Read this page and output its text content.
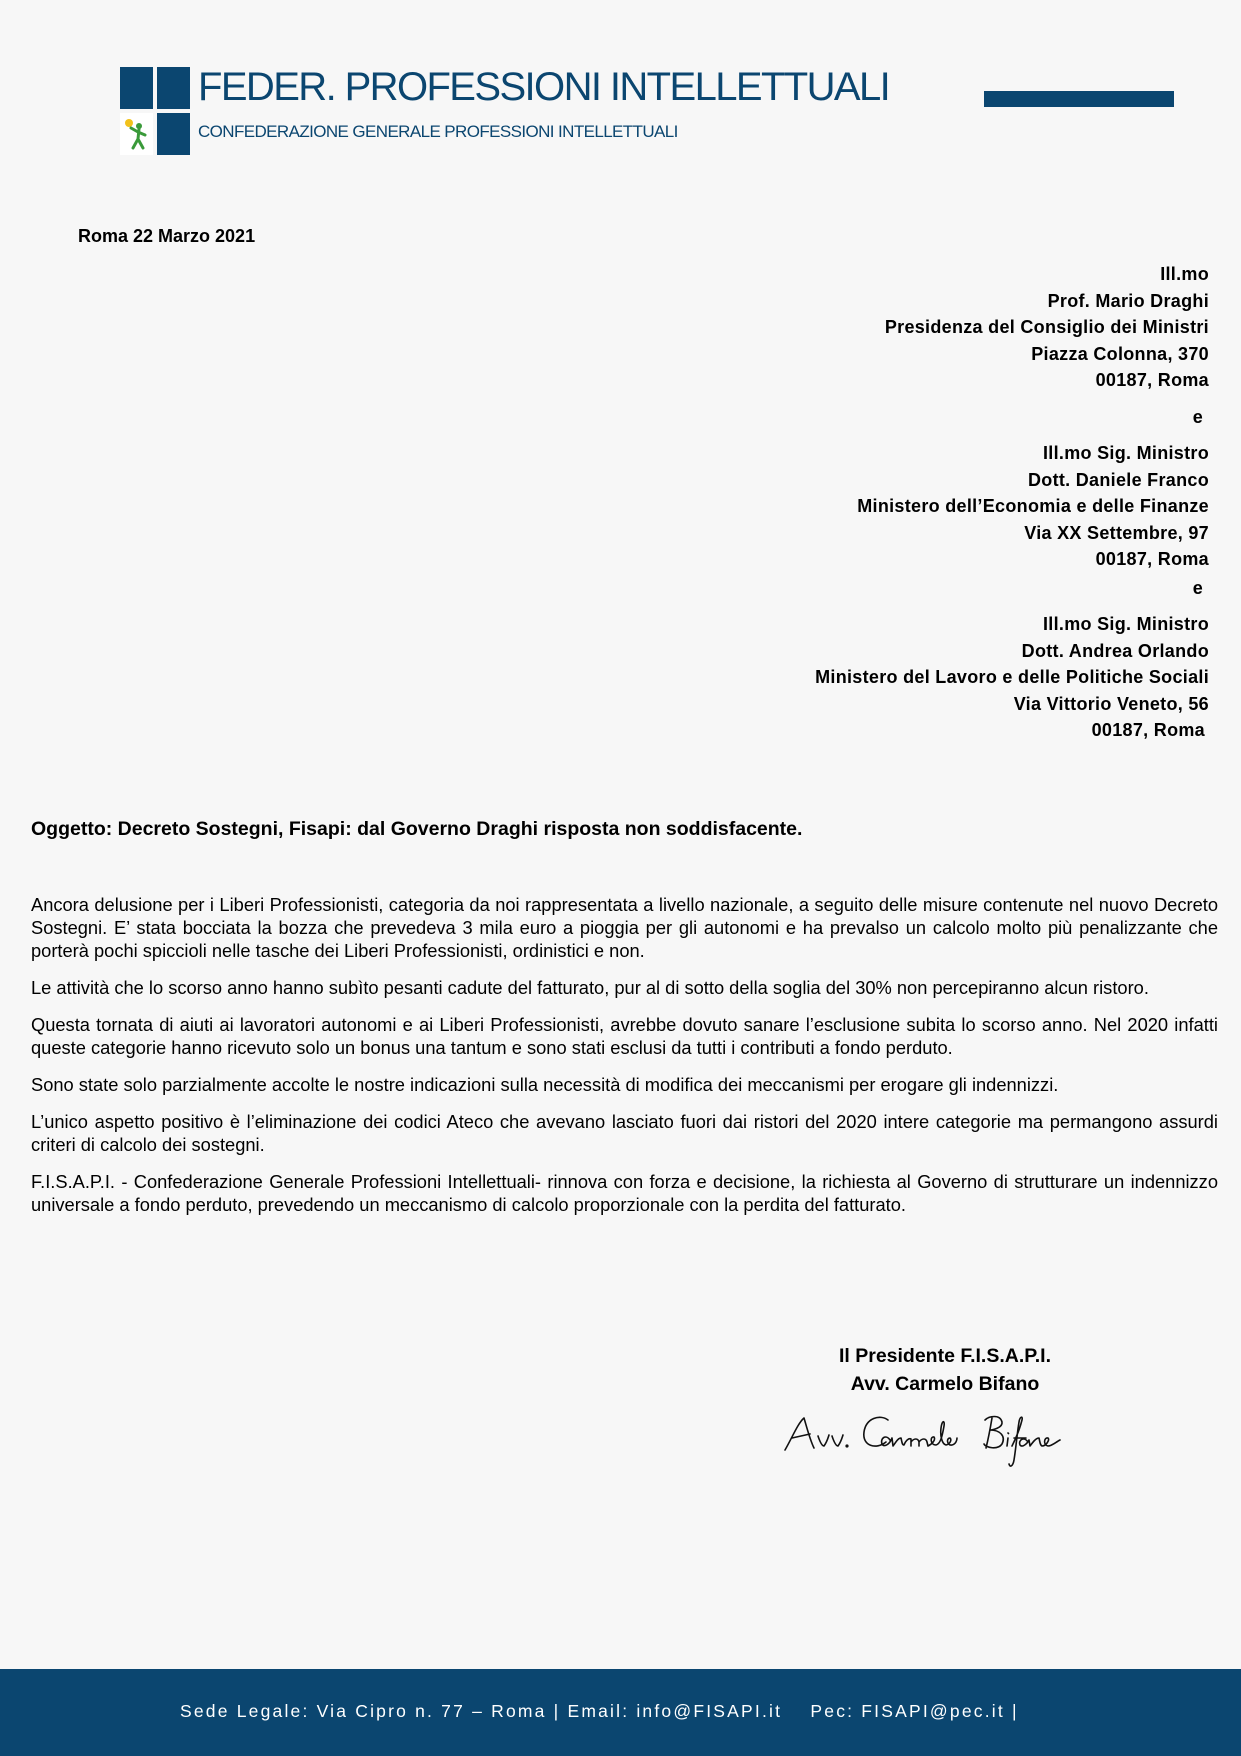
FEDER. PROFESSIONI INTELLETTUALI
CONFEDERAZIONE GENERALE PROFESSIONI INTELLETTUALI
Roma 22 Marzo 2021
Ill.mo
Prof. Mario Draghi
Presidenza del Consiglio dei Ministri
Piazza Colonna, 370
00187, Roma
e
Ill.mo Sig. Ministro
Dott. Daniele Franco
Ministero dell’Economia e delle Finanze
Via XX Settembre, 97
00187, Roma
e
Ill.mo Sig. Ministro
Dott. Andrea Orlando
Ministero del Lavoro e delle Politiche Sociali
Via Vittorio Veneto, 56
00187, Roma
Oggetto: Decreto Sostegni, Fisapi: dal Governo Draghi risposta non soddisfacente.

Ancora delusione per i Liberi Professionisti, categoria da noi rappresentata a livello nazionale, a seguito delle misure contenute nel nuovo Decreto Sostegni. E’ stata bocciata la bozza che prevedeva 3 mila euro a pioggia per gli autonomi e ha prevalso un calcolo molto più penalizzante che porterà pochi spiccioli nelle tasche dei Liberi Professionisti, ordinistici e non.

Le attività che lo scorso anno hanno subìto pesanti cadute del fatturato, pur al di sotto della soglia del 30% non percepiranno alcun ristoro.

Questa tornata di aiuti ai lavoratori autonomi e ai Liberi Professionisti, avrebbe dovuto sanare l’esclusione subita lo scorso anno. Nel 2020 infatti queste categorie hanno ricevuto solo un bonus una tantum e sono stati esclusi da tutti i contributi a fondo perduto.

Sono state solo parzialmente accolte le nostre indicazioni sulla necessità di modifica dei meccanismi per erogare gli indennizzi.

L’unico aspetto positivo è l’eliminazione dei codici Ateco che avevano lasciato fuori dai ristori del 2020 intere categorie ma permangono assurdi criteri di calcolo dei sostegni.

F.I.S.A.P.I. - Confederazione Generale Professioni Intellettuali- rinnova con forza e decisione, la richiesta al Governo di strutturare un indennizzo universale a fondo perduto, prevedendo un meccanismo di calcolo proporzionale con la perdita del fatturato.

Il Presidente F.I.S.A.P.I.
Avv. Carmelo Bifano
Sede Legale: Via Cipro n. 77 – Roma | Email: info@FISAPI.it    Pec: FISAPI@pec.it |
